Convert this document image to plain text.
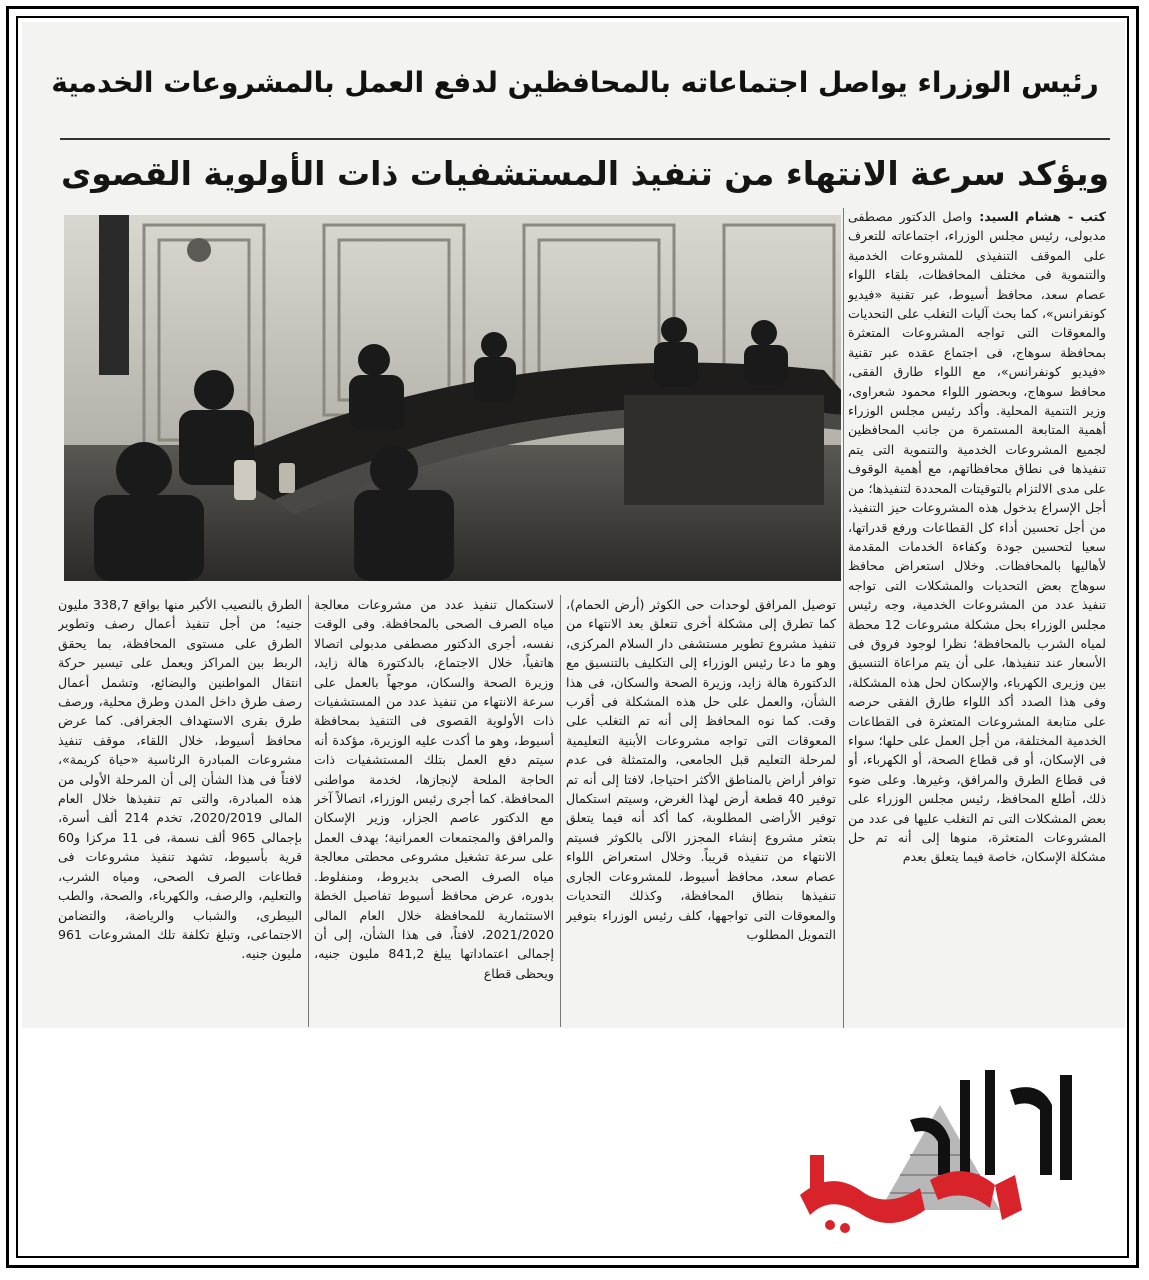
رئيس الوزراء يواصل اجتماعاته بالمحافظين لدفع العمل بالمشروعات الخدمية
ويؤكد سرعة الانتهاء من تنفيذ المستشفيات ذات الأولوية القصوى
كتب - هشام السيد: واصل الدكتور مصطفى مدبولى، رئيس مجلس الوزراء، اجتماعاته للتعرف على الموقف التنفيذى للمشروعات الخدمية والتنموية فى مختلف المحافظات، بلقاء اللواء عصام سعد، محافظ أسيوط، عبر تقنية «فيديو كونفرانس»، كما بحث آليات التغلب على التحديات والمعوقات التى تواجه المشروعات المتعثرة بمحافظة سوهاج، فى اجتماع عقده عبر تقنية «فيديو كونفرانس»، مع اللواء طارق الفقى، محافظ سوهاج، وبحضور اللواء محمود شعراوى، وزير التنمية المحلية. وأكد رئيس مجلس الوزراء أهمية المتابعة المستمرة من جانب المحافظين لجميع المشروعات الخدمية والتنموية التى يتم تنفيذها فى نطاق محافظاتهم، مع أهمية الوقوف على مدى الالتزام بالتوقيتات المحددة لتنفيذها؛ من أجل الإسراع بدخول هذه المشروعات حيز التنفيذ، من أجل تحسين أداء كل القطاعات ورفع قدراتها، سعيا لتحسين جودة وكفاءة الخدمات المقدمة لأهاليها بالمحافظات. وخلال استعراض محافظ سوهاج بعض التحديات والمشكلات التى تواجه تنفيذ عدد من المشروعات الخدمية، وجه رئيس مجلس الوزراء بحل مشكلة مشروعات 12 محطة لمياه الشرب بالمحافظة؛ نظرا لوجود فروق فى الأسعار عند تنفيذها، على أن يتم مراعاة التنسيق بين وزيرى الكهرباء، والإسكان لحل هذه المشكلة، وفى هذا الصدد أكد اللواء طارق الفقى حرصه على متابعة المشروعات المتعثرة فى القطاعات الخدمية المختلفة، من أجل العمل على حلها؛ سواء فى الإسكان، أو فى قطاع الصحة، أو الكهرباء، أو فى قطاع الطرق والمرافق، وغيرها. وعلى ضوء ذلك، أطلع المحافظ، رئيس مجلس الوزراء على بعض المشكلات التى تم التغلب عليها فى عدد من المشروعات المتعثرة، منوها إلى أنه تم حل مشكلة الإسكان، خاصة فيما يتعلق بعدم
توصيل المرافق لوحدات حى الكوثر (أرض الحمام)، كما تطرق إلى مشكلة أخرى تتعلق بعد الانتهاء من تنفيذ مشروع تطوير مستشفى دار السلام المركزى، وهو ما دعا رئيس الوزراء إلى التكليف بالتنسيق مع الدكتورة هالة زايد، وزيرة الصحة والسكان، فى هذا الشأن، والعمل على حل هذه المشكلة فى أقرب وقت. كما نوه المحافظ إلى أنه تم التغلب على المعوقات التى تواجه مشروعات الأبنية التعليمية لمرحلة التعليم قبل الجامعى، والمتمثلة فى عدم توافر أراض بالمناطق الأكثر احتياجا، لافتا إلى أنه تم توفير 40 قطعة أرض لهذا الغرض، وسيتم استكمال توفير الأراضى المطلوبة، كما أكد أنه فيما يتعلق بتعثر مشروع إنشاء المجزر الآلى بالكوثر فسيتم الانتهاء من تنفيذه قريباً. وخلال استعراض اللواء عصام سعد، محافظ أسيوط، للمشروعات الجارى تنفيذها بنطاق المحافظة، وكذلك التحديات والمعوقات التى تواجهها، كلف رئيس الوزراء بتوفير التمويل المطلوب
لاستكمال تنفيذ عدد من مشروعات معالجة مياه الصرف الصحى بالمحافظة. وفى الوقت نفسه، أجرى الدكتور مصطفى مدبولى اتصالا هاتفياً، خلال الاجتماع، بالدكتورة هالة زايد، وزيرة الصحة والسكان، موجهاً بالعمل على سرعة الانتهاء من تنفيذ عدد من المستشفيات ذات الأولوية القصوى فى التنفيذ بمحافظة أسيوط، وهو ما أكدت عليه الوزيرة، مؤكدة أنه سيتم دفع العمل بتلك المستشفيات ذات الحاجة الملحة لإنجازها، لخدمة مواطنى المحافظة. كما أجرى رئيس الوزراء، اتصالاً آخر مع الدكتور عاصم الجزار، وزير الإسكان والمرافق والمجتمعات العمرانية؛ بهدف العمل على سرعة تشغيل مشروعى محطتى معالجة مياه الصرف الصحى بديروط، ومنفلوط. بدوره، عرض محافظ أسيوط تفاصيل الخطة الاستثمارية للمحافظة خلال العام المالى 2021/2020، لافتاً، فى هذا الشأن، إلى أن إجمالى اعتماداتها يبلغ 841,2 مليون جنيه، ويحظى قطاع
الطرق بالنصيب الأكبر منها بواقع 338,7 مليون جنيه؛ من أجل تنفيذ أعمال رصف وتطوير الطرق على مستوى المحافظة، بما يحقق الربط بين المراكز ويعمل على تيسير حركة انتقال المواطنين والبضائع، وتشمل أعمال رصف طرق داخل المدن وطرق محلية، ورصف طرق بقرى الاستهداف الجغرافى. كما عرض محافظ أسيوط، خلال اللقاء، موقف تنفيذ مشروعات المبادرة الرئاسية «حياة كريمة»، لافتاً فى هذا الشأن إلى أن المرحلة الأولى من هذه المبادرة، والتى تم تنفيذها خلال العام المالى 2020/2019، تخدم 214 ألف أسرة، بإجمالى 965 ألف نسمة، فى 11 مركزا و60 قرية بأسيوط، تشهد تنفيذ مشروعات فى قطاعات الصرف الصحى، ومياه الشرب، والتعليم، والرصف، والكهرباء، والصحة، والطب البيطرى، والشباب والرياضة، والتضامن الاجتماعى، وتبلغ تكلفة تلك المشروعات 961 مليون جنيه.
